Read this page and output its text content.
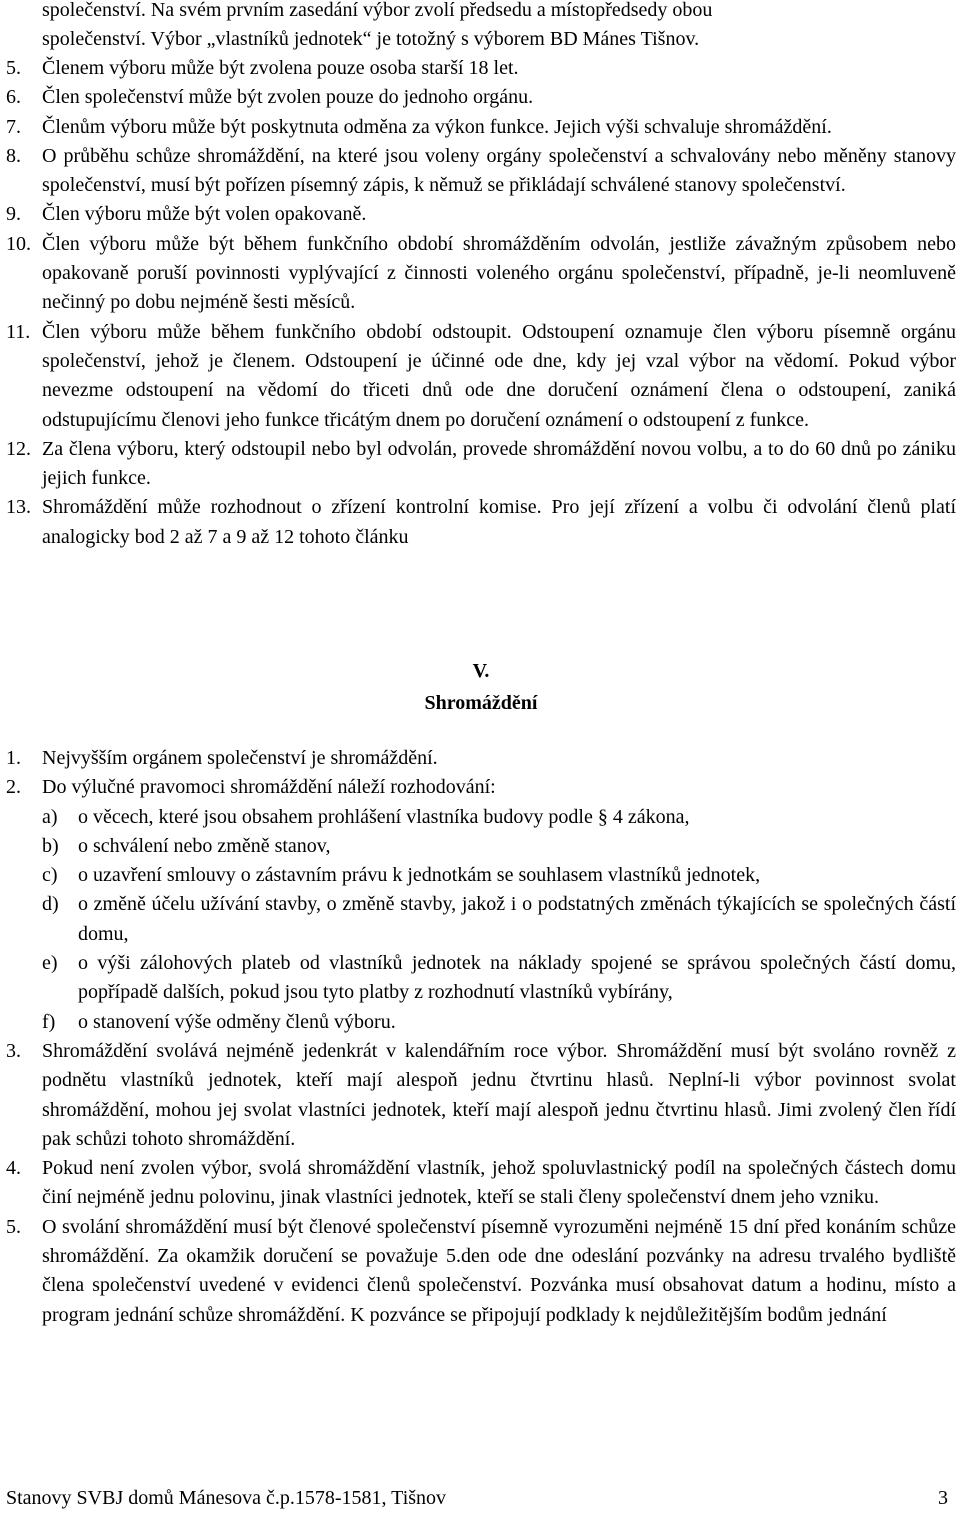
společenství. Na svém prvním zasedání výbor zvolí předsedu a místopředsedy obou

společenství. Výbor „vlastníků jednotek“ je totožný s výborem BD Mánes Tišnov.

5.	Členem výboru může být zvolena pouze osoba starší 18 let.
6.	Člen společenství může být zvolen pouze do jednoho orgánu.
7.	Členům výboru může být poskytnuta odměna za výkon funkce. Jejich výši schvaluje shromáždění.
8.	O průběhu schůze shromáždění, na které jsou voleny orgány společenství a schvalovány nebo měněny stanovy společenství, musí být pořízen písemný zápis, k němuž se přikládají schválené stanovy společenství.
9.	Člen výboru může být volen opakovaně.
10. Člen výboru může být během funkčního období shromážděním odvolán, jestliže závažným způsobem nebo opakovaně poruší povinnosti vyplývající z činnosti voleného orgánu společenství, případně, je-li neomluveně nečinný po dobu nejméně šesti měsíců.
11. Člen výboru může během funkčního období odstoupit. Odstoupení oznamuje člen výboru písemně orgánu společenství, jehož je členem. Odstoupení je účinné ode dne, kdy jej vzal výbor na vědomí. Pokud výbor nevezme odstoupení na vědomí do třiceti dnů ode dne doručení oznámení člena o odstoupení, zaniká odstupujícímu členovi jeho funkce třicátým dnem po doručení oznámení o odstoupení z funkce.
12. Za člena výboru, který odstoupil nebo byl odvolán, provede shromáždění novou volbu, a to do 60 dnů po zániku jejich funkce.
13. Shromáždění může rozhodnout o zřízení kontrolní komise. Pro její zřízení a volbu či odvolání členů platí analogicky bod 2 až 7 a 9 až 12 tohoto článku
V.
Shromáždění
1.	Nejvyšším orgánem společenství je shromáždění.
2.	Do výlučné pravomoci shromáždění náleží rozhodování:
a)	o věcech, které jsou obsahem prohlášení vlastníka budovy podle § 4 zákona,
b) o schválení nebo změně stanov,
c)	o uzavření smlouvy o zástavním právu k jednotkám se souhlasem vlastníků jednotek,
d) o změně účelu užívání stavby, o změně stavby, jakož i o podstatných změnách týkajících se společných částí domu,
e)	o výši zálohových plateb od vlastníků jednotek na náklady spojené se správou společných částí domu, popřípadě dalších, pokud jsou tyto platby z rozhodnutí vlastníků vybírány,
f)	o stanovení výše odměny členů výboru.
3.	Shromáždění svolává nejméně jedenkrát v kalendářním roce výbor. Shromáždění musí být svoláno rovněž z podnětu vlastníků jednotek, kteří mají alespoň jednu čtvrtinu hlasů. Neplní-li výbor povinnost svolat shromáždění, mohou jej svolat vlastníci jednotek, kteří mají alespoň jednu čtvrtinu hlasů. Jimi zvolený člen řídí pak schůzi tohoto shromáždění.
4.	Pokud není zvolen výbor, svolá shromáždění vlastník, jehož spoluvlastnický podíl na společných částech domu činí nejméně jednu polovinu, jinak vlastníci jednotek, kteří se stali členy společenství dnem jeho vzniku.
5.	O svolání shromáždění musí být členové společenství písemně vyrozuměni nejméně 15 dní před konáním schůze shromáždění. Za okamžik doručení se považuje 5.den ode dne odeslání pozvánky na adresu trvalého bydliště člena společenství uvedené v evidenci členů společenství. Pozvánka musí obsahovat datum a hodinu, místo a program jednání schůze shromáždění. K pozvánce se připojují podklady k nejdůležitějším bodům jednání
Stanovy SVBJ domů Mánesova č.p.1578-1581, Tišnov	3
